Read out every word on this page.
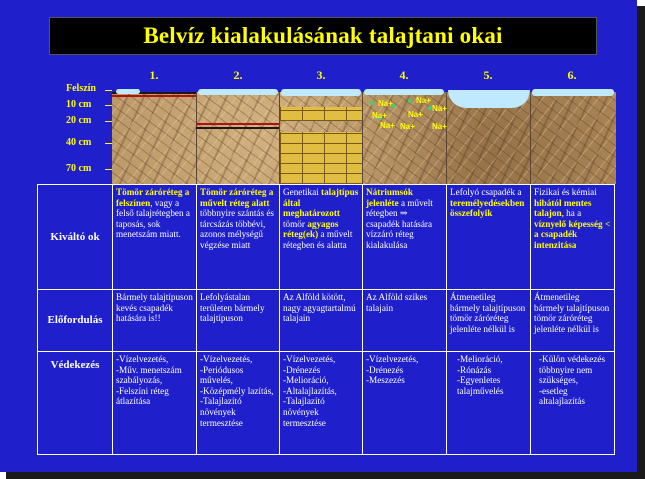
Belvíz kialakulásának talajtani okai
1.	2.	3.	4.	5.	6.
Felszín
10 cm
20 cm
40 cm
70 cm
Na+	Na+
Na+
Na+	Na+
Na+ Na+ Na+
Kiváltó ok	Tömör záróréteg a felszínen, vagy a felső talajrétegben a taposás, sok menetszám miatt.	Tömör záróréteg a művelt réteg alatt többnyire szántás és tárcsázás többévi, azonos mélységű végzése miatt	Genetikai talajtípus által meghatározott tömör agyagos réteg(ek) a művelt rétegben és alatta	Nátriumsók jelenléte a művelt rétegben ⇒ csapadék hatására vízzáró réteg kialakulása	Lefolyó csapadék a teremélyedésekben összefolyik	Fizikai és kémiai hibától mentes talajon, ha a víznyelő képesség < a csapadék intenzitása
Előfordulás	Bármely talajtípuson kevés csapadék hatására is!!	Lefolyástalan területen bármely talajtípuson	Az Alföld kötött, nagy agyagtartalmú talajain	Az Alföld szikes talajain	Átmenetileg bármely talajtípuson tömör záróréteg jelenléte nélkül is	Átmenetileg bármely talajtípuson tömör záróréteg jelenléte nélkül is
Védekezés	-Vízelvezetés,
-Műv. menetszám szabályozás,
-Felszíni réteg átlazítása	-Vízelvezetés,
-Periódusos művelés,
-Középmély lazítás,
-Talajlazító növények termesztése	-Vízelvezetés,
-Drénezés
-Melioráció,
-Altalajlazítás,
-Talajlazító növények termesztése	-Vízelvezetés,
-Drénezés
-Meszezés	-Melioráció,
-Rónázás
-Egyenletes talajművelés	-Külön védekezés többnyire nem szükséges,
-esetleg altalajlazítás
